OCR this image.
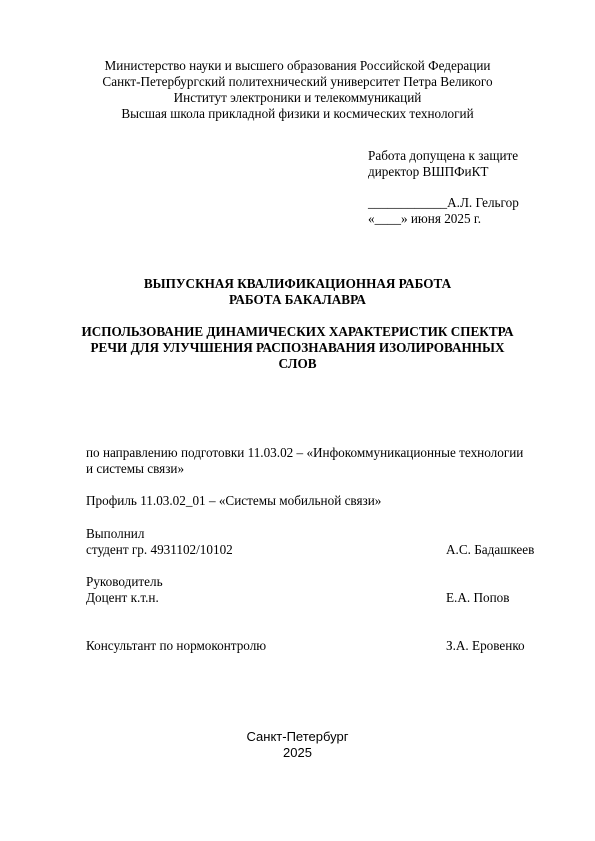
Министерство науки и высшего образования Российской Федерации
Санкт-Петербургский политехнический университет Петра Великого
Институт электроники и телекоммуникаций
Высшая школа прикладной физики и космических технологий
Работа допущена к защите
директор ВШПФиКТ
____________А.Л. Гельгор
«____» июня 2025 г.
ВЫПУСКНАЯ КВАЛИФИКАЦИОННАЯ РАБОТА
РАБОТА БАКАЛАВРА
ИСПОЛЬЗОВАНИЕ ДИНАМИЧЕСКИХ ХАРАКТЕРИСТИК СПЕКТРА
РЕЧИ ДЛЯ УЛУЧШЕНИЯ РАСПОЗНАВАНИЯ ИЗОЛИРОВАННЫХ
СЛОВ
по направлению подготовки 11.03.02 – «Инфокоммуникационные технологии
и системы связи»
Профиль 11.03.02_01 – «Системы мобильной связи»
Выполнил
студент гр. 4931102/10102	А.С. Бадашкеев
Руководитель
Доцент к.т.н.	Е.А. Попов
Консультант по нормоконтролю	З.А. Еровенко
Санкт-Петербург
2025
